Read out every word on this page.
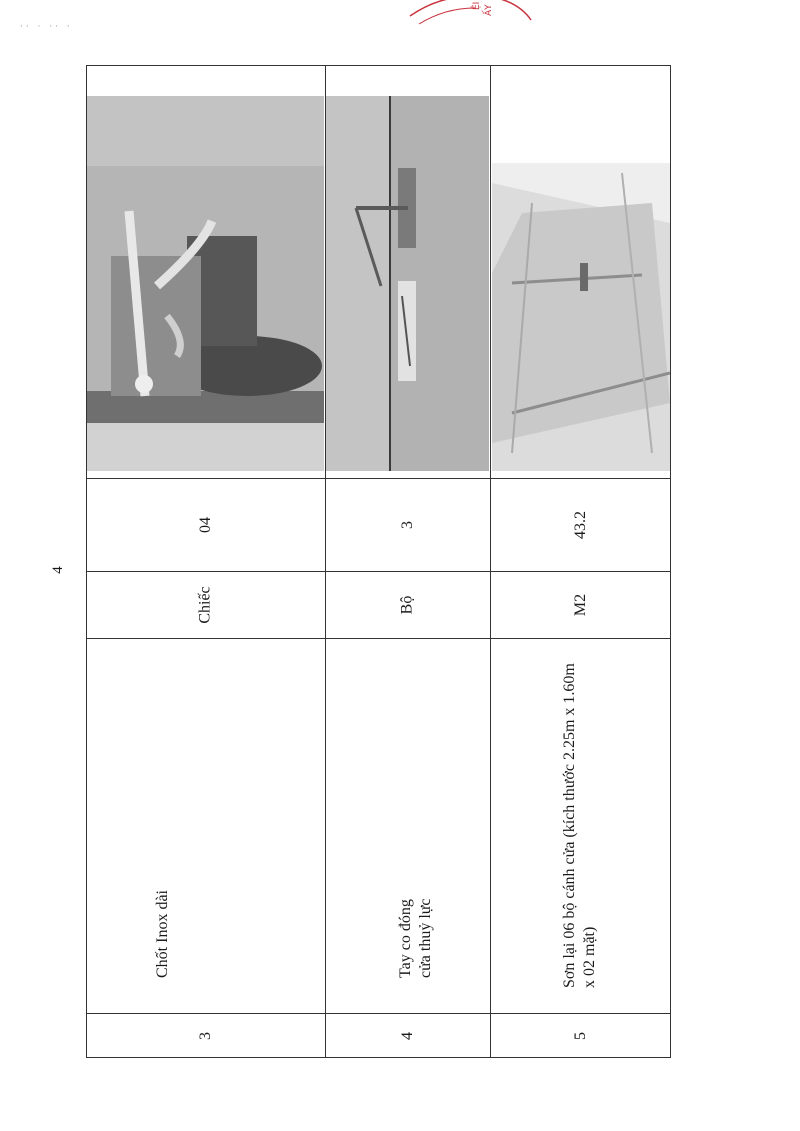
·· · ·· ·
ỆI ẤY
4
04
Chiếc
Chốt Inox dài
3
3
Bộ
Tay co đóng cửa thuỷ lực
4
43.2
M2
Sơn lại 06 bộ cánh cửa (kích thước 2.25m x 1.60m x 02 mặt)
5
